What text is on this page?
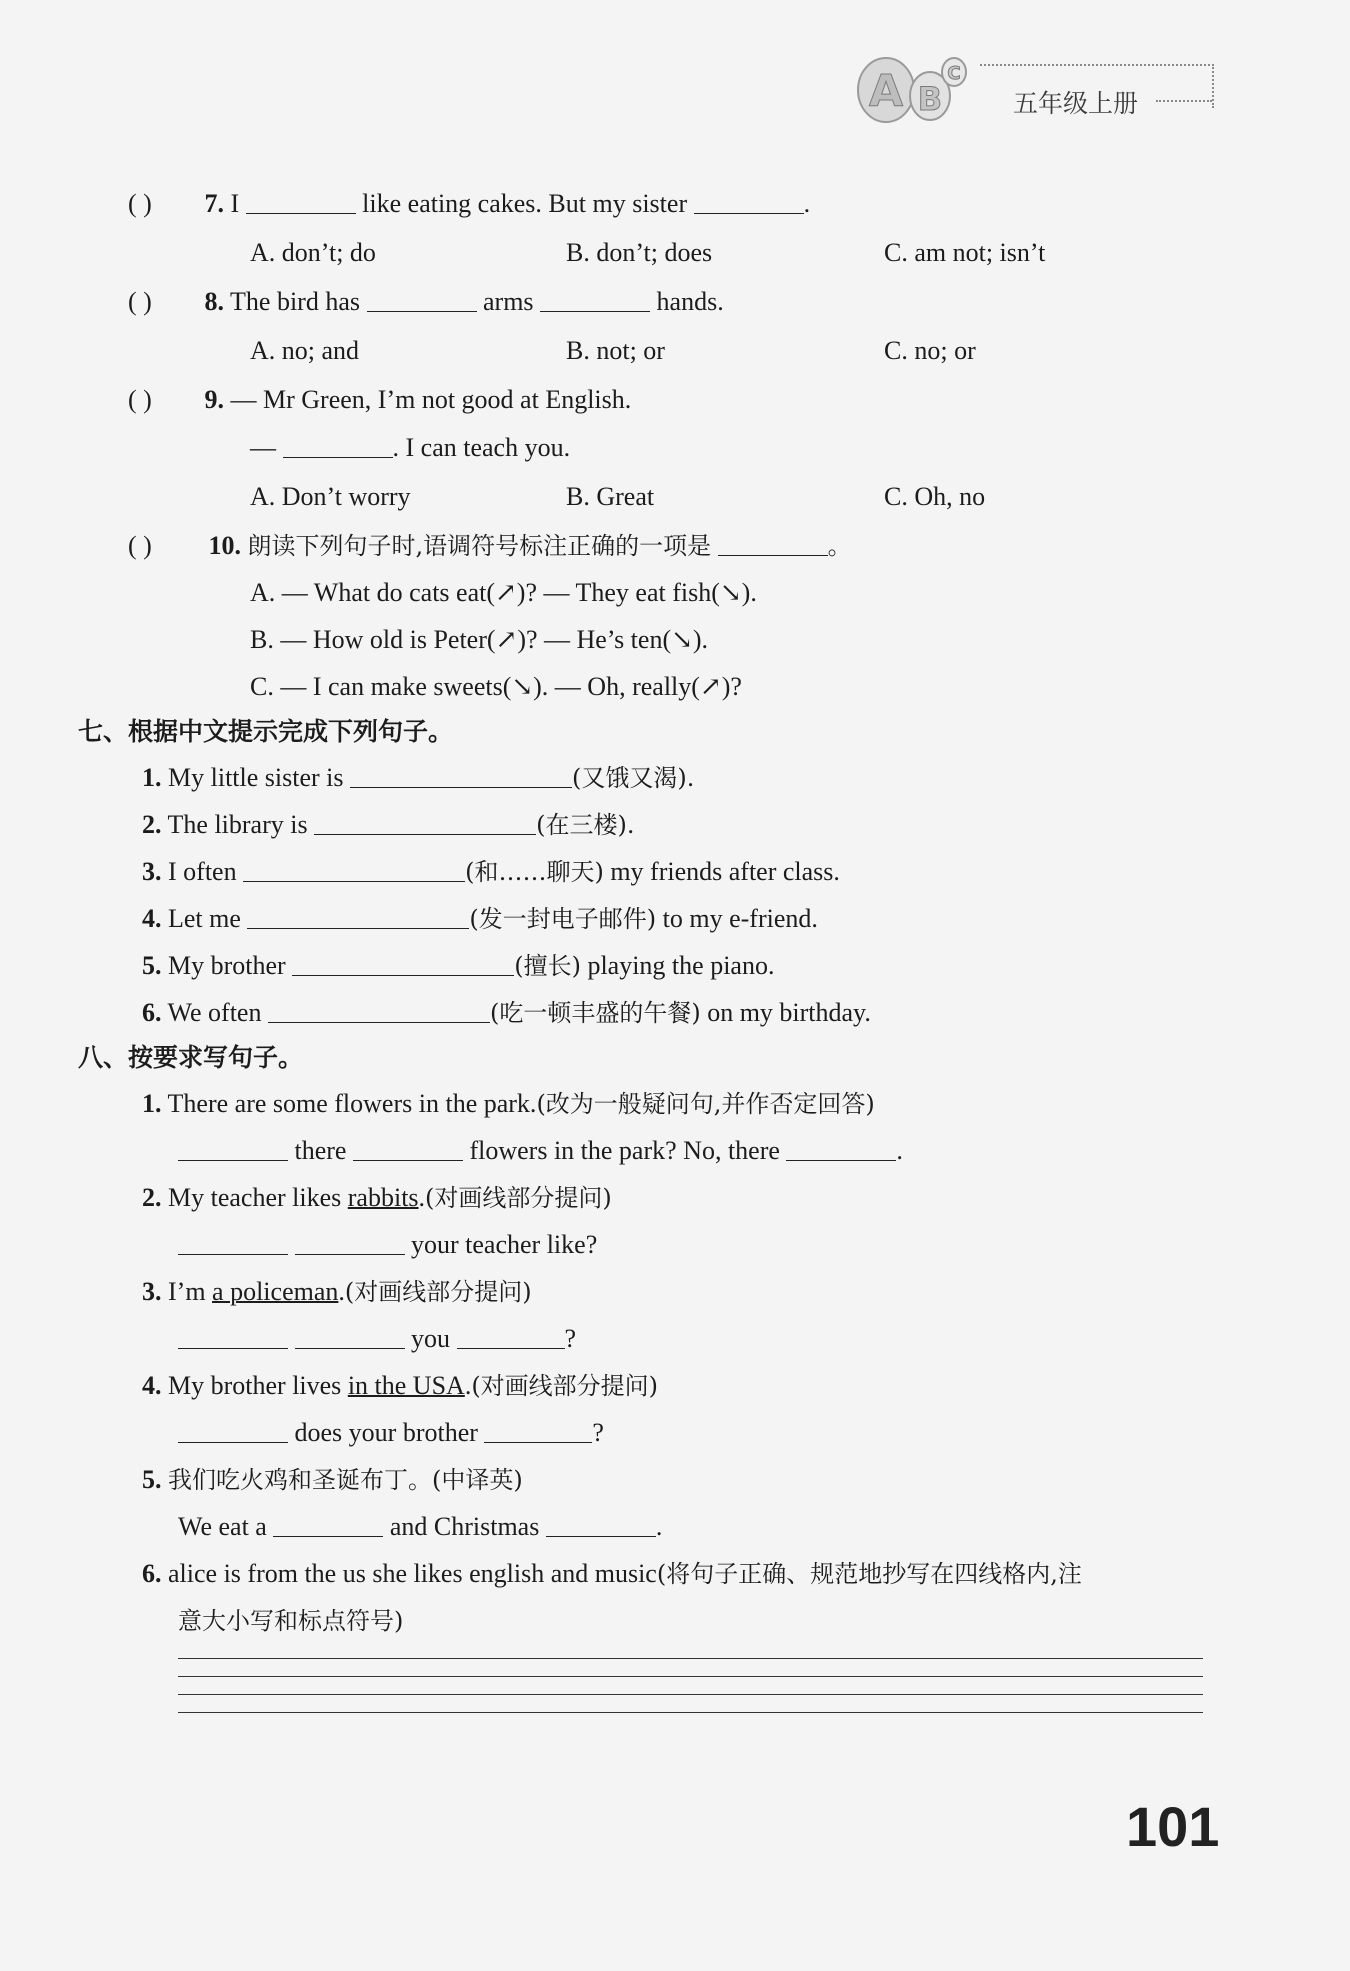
A B
C
五年级上册
( ) 7. I	like eating cakes. But my sister	.
A. don’t; do	B. don’t; does	C. am not; isn’t
( ) 8. The bird has	arms	hands.
A. no; and	B. not; or	C. no; or
( ) 9. — Mr Green, I’m not good at English.
—	. I can teach you.
A. Don’t worry	B. Great	C. Oh, no
( ) 10. 朗读下列句子时,语调符号标注正确的一项是	。
A. — What do cats eat(↗)? — They eat fish(↘).
B. — How old is Peter(↗)? — He’s ten(↘).
C. — I can make sweets(↘). — Oh, really(↗)?
七、根据中文提示完成下列句子。
1. My little sister is	(又饿又渴).
2. The library is	(在三楼).
3. I often	(和……聊天) my friends after class.
4. Let me	(发一封电子邮件) to my e-friend.
5. My brother	(擅长) playing the piano.
6. We often	(吃一顿丰盛的午餐) on my birthday.
八、按要求写句子。
1. There are some flowers in the park.(改为一般疑问句,并作否定回答)
there	flowers in the park? No, there	.
2. My teacher likes rabbits.(对画线部分提问)
your teacher like?
3. I’m a policeman.(对画线部分提问)
you	?
4. My brother lives in the USA.(对画线部分提问)
does your brother	?
5. 我们吃火鸡和圣诞布丁。(中译英)
We eat a	and Christmas	.
6. alice is from the us she likes english and music(将句子正确、规范地抄写在四线格内,注
意大小写和标点符号)
101
